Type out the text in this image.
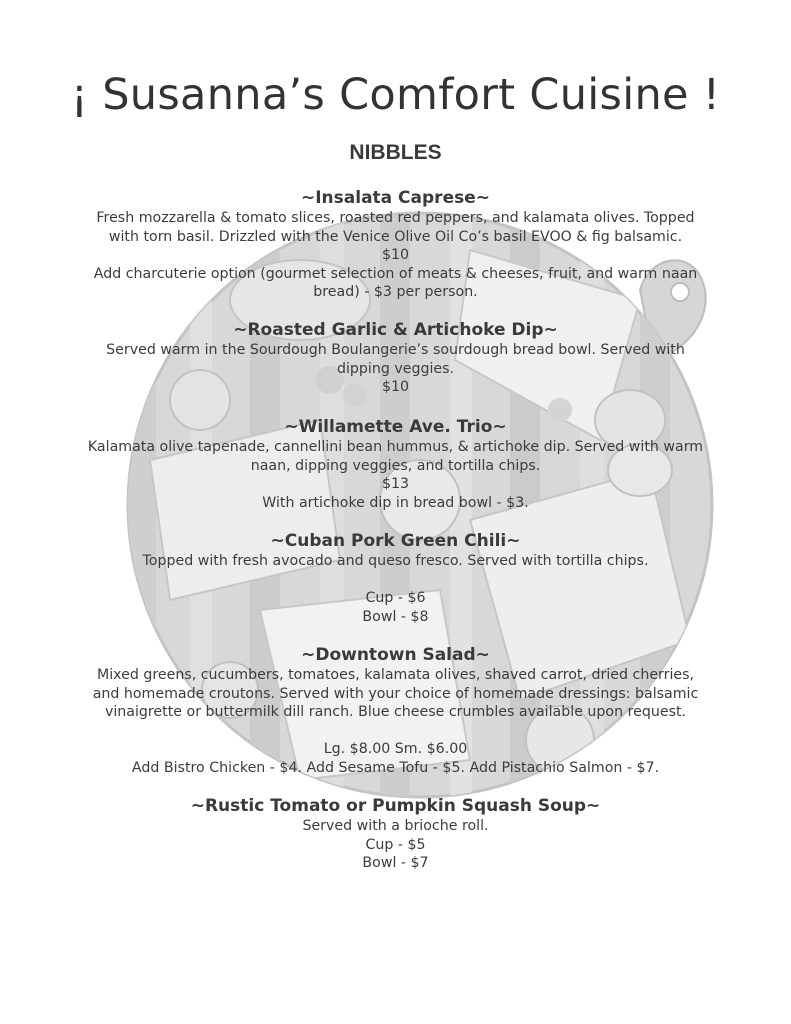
¡ Susanna’s Comfort Cuisine !
NIBBLES
~Insalata Caprese~

Fresh mozzarella & tomato slices, roasted red peppers, and kalamata olives. Topped

with torn basil. Drizzled with the Venice Olive Oil Co’s basil EVOO & fig balsamic.

$10

Add charcuterie option (gourmet selection of meats & cheeses, fruit, and warm naan

bread) - $3 per person.

~Roasted Garlic & Artichoke Dip~

Served warm in the Sourdough Boulangerie’s sourdough bread bowl. Served with

dipping veggies.

$10

~Willamette Ave. Trio~

Kalamata olive tapenade, cannellini bean hummus, & artichoke dip. Served with warm

naan, dipping veggies, and tortilla chips.

$13

With artichoke dip in bread bowl - $3.

~Cuban Pork Green Chili~

Topped with fresh avocado and queso fresco. Served with tortilla chips.

Cup - $6

Bowl - $8

~Downtown Salad~

Mixed greens, cucumbers, tomatoes, kalamata olives, shaved carrot, dried cherries,

and homemade croutons. Served with your choice of homemade dressings: balsamic

vinaigrette or buttermilk dill ranch. Blue cheese crumbles available upon request.

Lg. $8.00 Sm. $6.00

Add Bistro Chicken - $4. Add Sesame Tofu - $5. Add Pistachio Salmon - $7.

~Rustic Tomato or Pumpkin Squash Soup~

Served with a brioche roll.

Cup - $5

Bowl - $7
